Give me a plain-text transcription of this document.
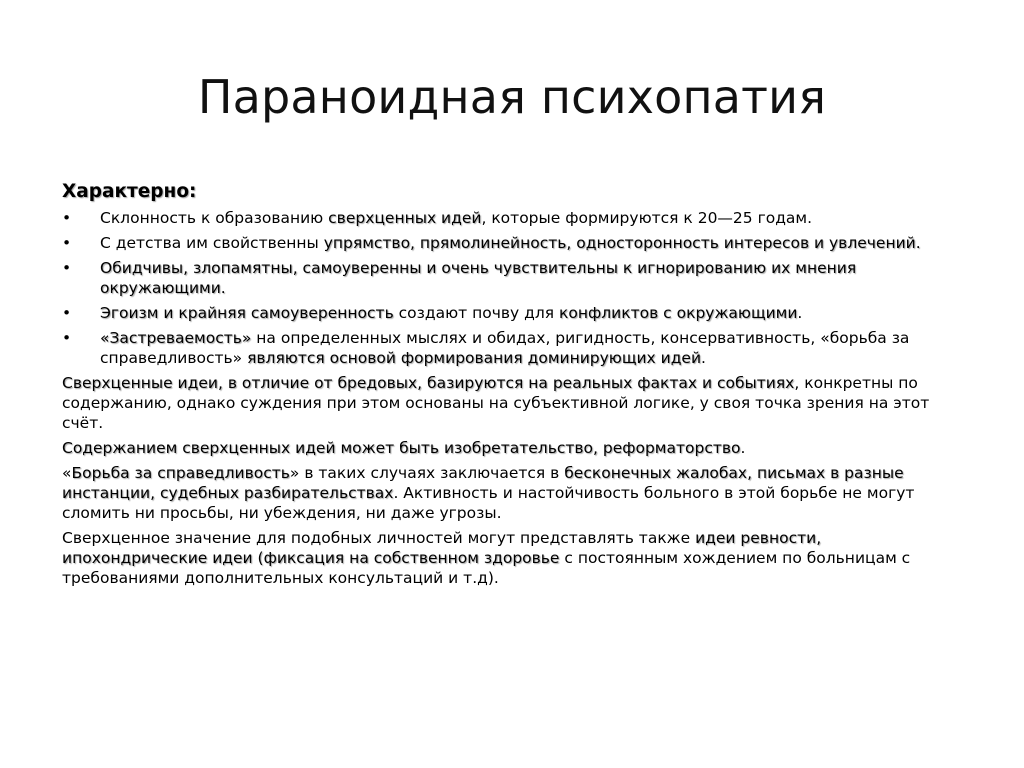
Параноидная психопатия
Характерно:
• Склонность к образованию сверхценных идей, которые формируются к 20—25 годам.
• С детства им свойственны упрямство, прямолинейность, односторонность интересов и увлечений.
• Обидчивы, злопамятны, самоуверенны и очень чувствительны к игнорированию их мнения окружающими.
• Эгоизм и крайняя самоуверенность создают почву для конфликтов с окружающими.
• «Застреваемость» на определенных мыслях и обидах, ригидность, консервативность, «борьба за справедливость» являются основой формирования доминирующих идей.

Сверхценные идеи, в отличие от бредовых, базируются на реальных фактах и событиях, конкретны по содержанию, однако суждения при этом основаны на субъективной логике, у своя точка зрения на этот счёт.

Содержанием сверхценных идей может быть изобретательство, реформаторство.

«Борьба за справедливость» в таких случаях заключается в бесконечных жалобах, письмах в разные инстанции, судебных разбирательствах. Активность и настойчивость больного в этой борьбе не могут сломить ни просьбы, ни убеждения, ни даже угрозы.

Сверхценное значение для подобных личностей могут представлять также идеи ревности, ипохондрические идеи (фиксация на собственном здоровье с постоянным хождением по больницам с требованиями дополнительных консультаций и т.д).
